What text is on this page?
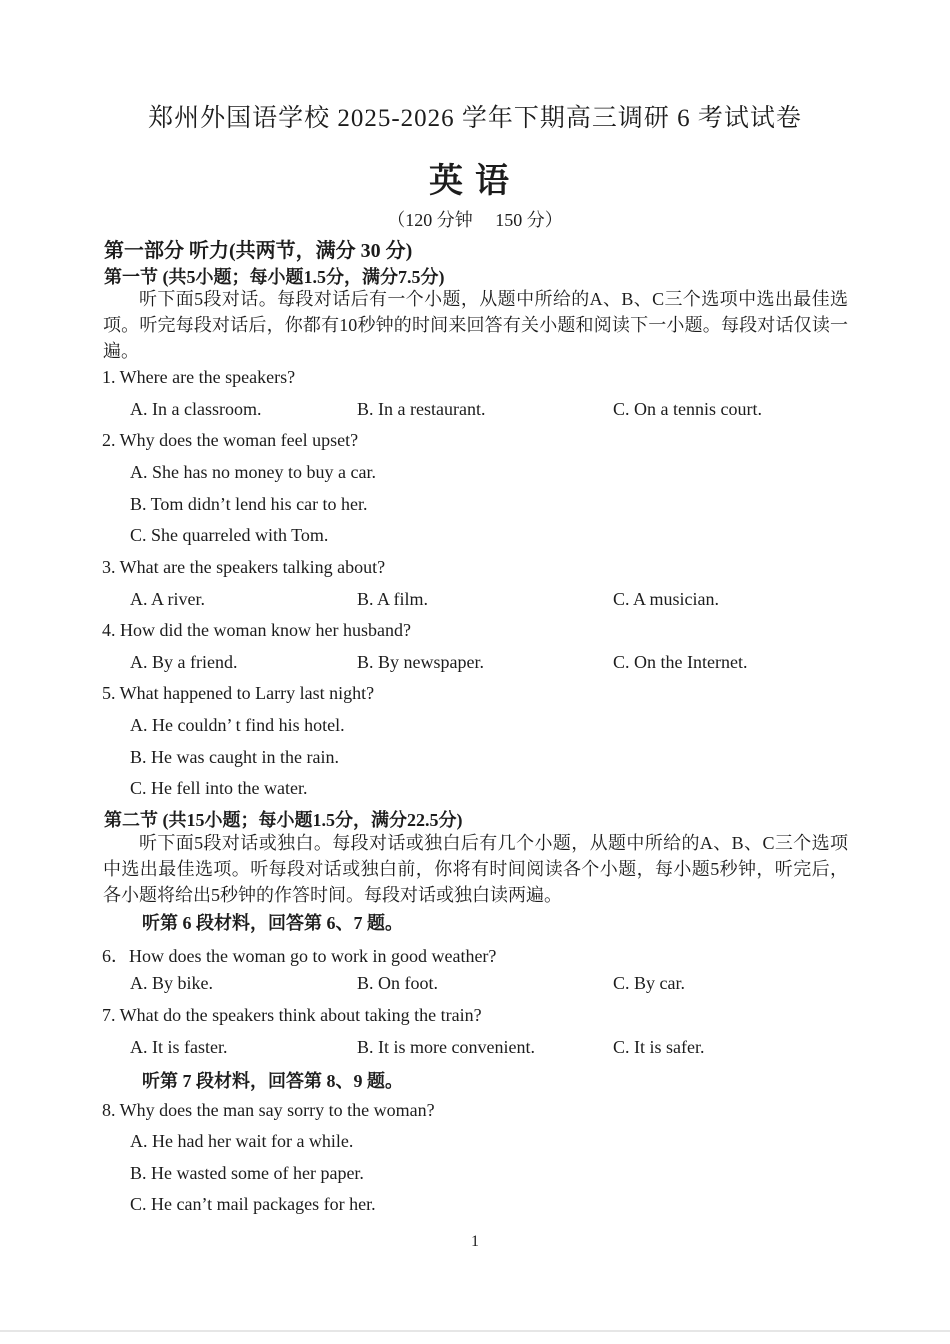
郑州外国语学校 2025-2026 学年下期高三调研 6 考试试卷
英语
（120 分钟　 150 分）
第一部分 听力(共两节，满分 30 分)
第一节 (共5小题；每小题1.5分，满分7.5分)

听下面5段对话。每段对话后有一个小题，从题中所给的A、B、C三个选项中选出最佳选项。听完每段对话后，你都有10秒钟的时间来回答有关小题和阅读下一小题。每段对话仅读一遍。

1. Where are the speakers?
A. In a classroom.	B. In a restaurant.	C. On a tennis court.
2. Why does the woman feel upset?
A. She has no money to buy a car.
B. Tom didn’t lend his car to her.
C. She quarreled with Tom.
3. What are the speakers talking about?
A. A river.	B. A film.	C. A musician.
4. How did the woman know her husband?
A. By a friend.	B. By newspaper.	C. On the Internet.
5. What happened to Larry last night?
A. He couldn’ t find his hotel.
B. He was caught in the rain.
C. He fell into the water.
第二节 (共15小题；每小题1.5分，满分22.5分)

听下面5段对话或独白。每段对话或独白后有几个小题，从题中所给的A、B、C三个选项中选出最佳选项。听每段对话或独白前，你将有时间阅读各个小题，每小题5秒钟，听完后，各小题将给出5秒钟的作答时间。每段对话或独白读两遍。

听第 6 段材料，回答第 6、7 题。
6．How does the woman go to work in good weather?
A. By bike.	B. On foot.	C. By car.
7. What do the speakers think about taking the train?
A. It is faster.	B. It is more convenient.	C. It is safer.
听第 7 段材料，回答第 8、9 题。
8. Why does the man say sorry to the woman?
A. He had her wait for a while.
B. He wasted some of her paper.
C. He can’t mail packages for her.
1
